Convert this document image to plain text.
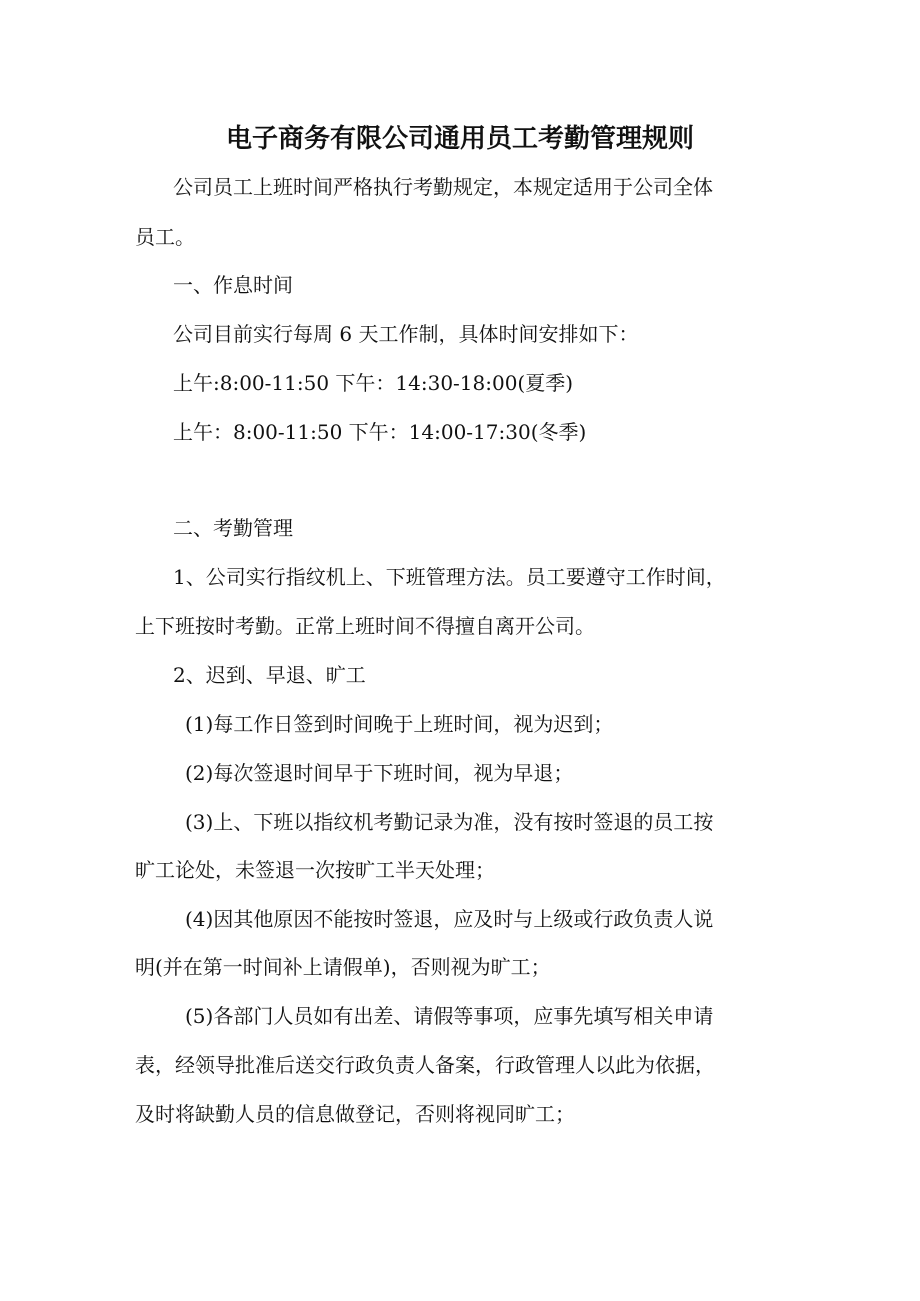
电子商务有限公司通用员工考勤管理规则
公司员工上班时间严格执行考勤规定，本规定适用于公司全体
员工。
一、作息时间
公司目前实行每周 6 天工作制，具体时间安排如下：
上午:8:00-11:50 下午：14:30-18:00(夏季)
上午：8:00-11:50 下午：14:00-17:30(冬季)
二、考勤管理
1、公司实行指纹机上、下班管理方法。员工要遵守工作时间，
上下班按时考勤。正常上班时间不得擅自离开公司。
2、迟到、早退、旷工
(1)每工作日签到时间晚于上班时间，视为迟到；
(2)每次签退时间早于下班时间，视为早退；
(3)上、下班以指纹机考勤记录为准，没有按时签退的员工按
旷工论处，未签退一次按旷工半天处理；
(4)因其他原因不能按时签退，应及时与上级或行政负责人说
明(并在第一时间补上请假单)，否则视为旷工；
(5)各部门人员如有出差、请假等事项，应事先填写相关申请
表，经领导批准后送交行政负责人备案，行政管理人以此为依据，
及时将缺勤人员的信息做登记，否则将视同旷工；
